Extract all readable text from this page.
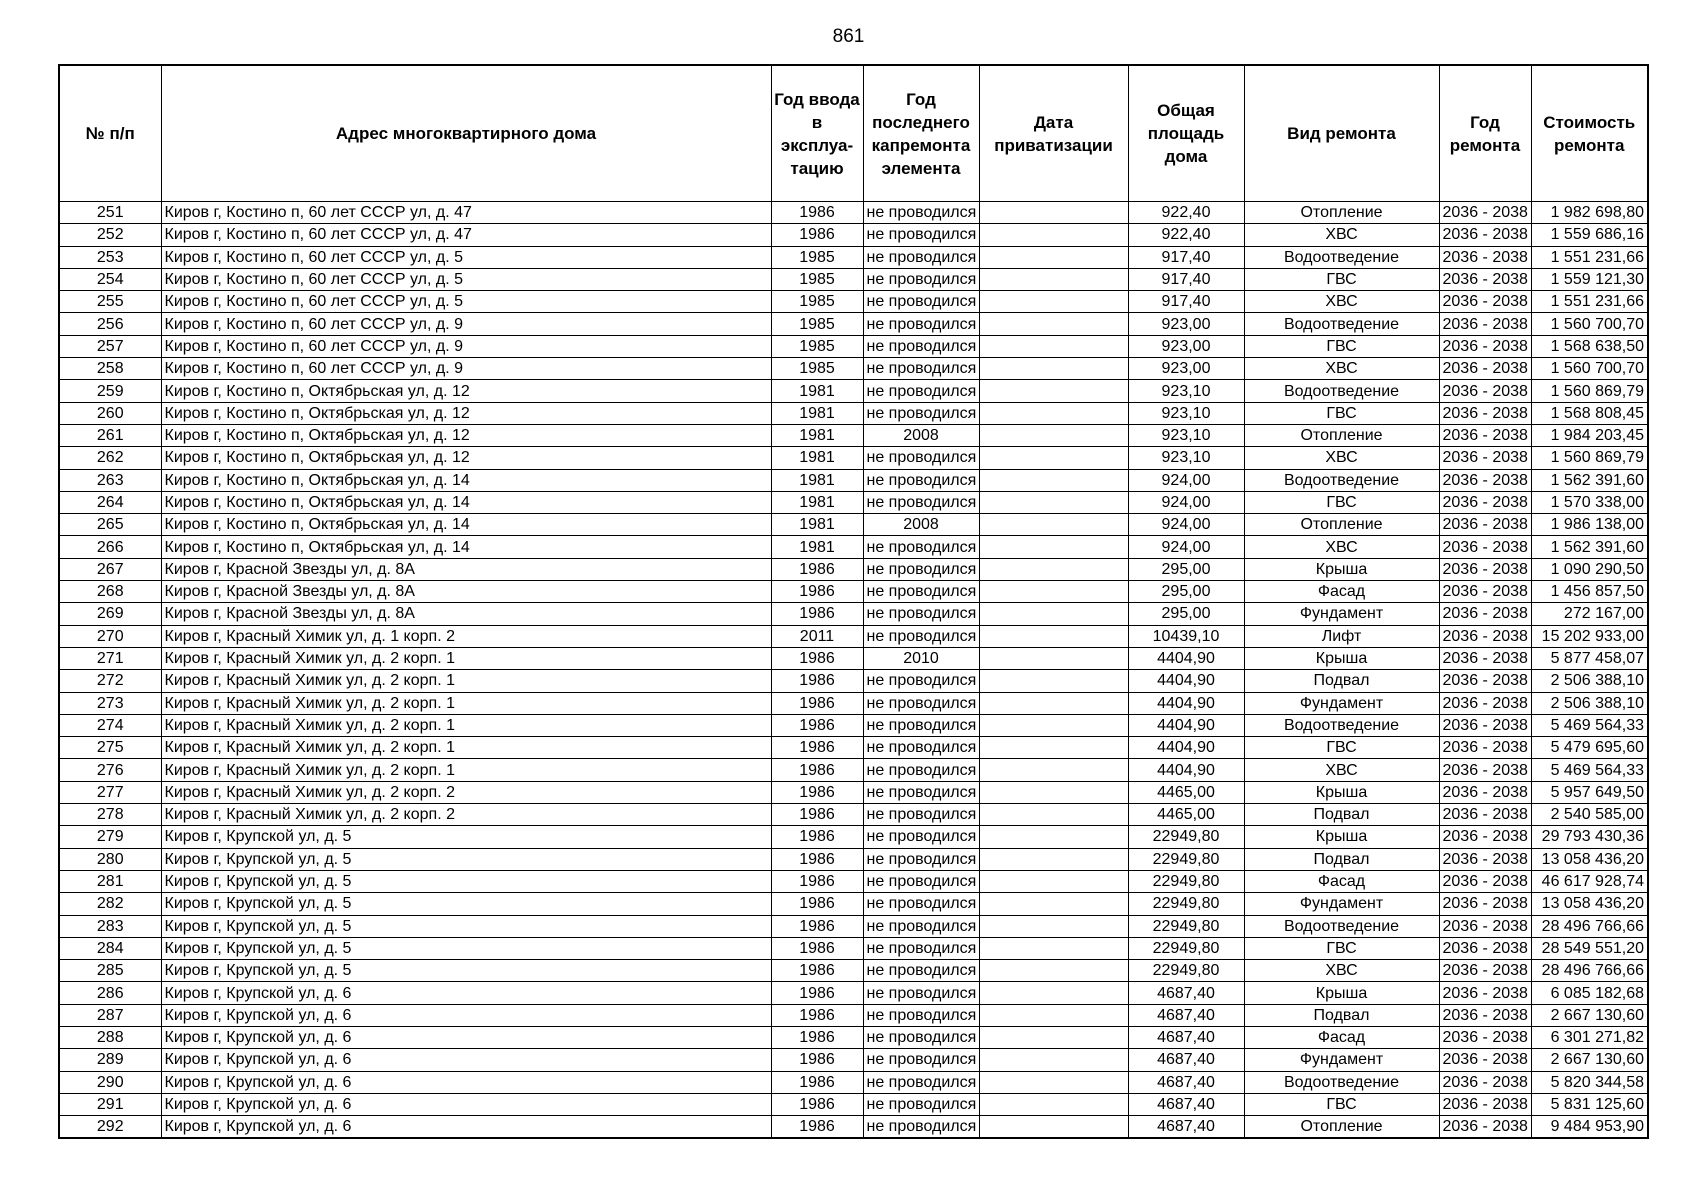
861
№ п/п	Адрес многоквартирного дома	Год ввода в эксплуа-тацию	Год последнего капремонта элемента	Дата приватизации	Общая площадь дома	Вид ремонта	Год ремонта	Стоимость ремонта
251	Киров г, Костино п, 60 лет СССР ул, д. 47	1986	не проводился		922,40	Отопление	2036 - 2038	1 982 698,80
252	Киров г, Костино п, 60 лет СССР ул, д. 47	1986	не проводился		922,40	ХВС	2036 - 2038	1 559 686,16
253	Киров г, Костино п, 60 лет СССР ул, д. 5	1985	не проводился		917,40	Водоотведение	2036 - 2038	1 551 231,66
254	Киров г, Костино п, 60 лет СССР ул, д. 5	1985	не проводился		917,40	ГВС	2036 - 2038	1 559 121,30
255	Киров г, Костино п, 60 лет СССР ул, д. 5	1985	не проводился		917,40	ХВС	2036 - 2038	1 551 231,66
256	Киров г, Костино п, 60 лет СССР ул, д. 9	1985	не проводился		923,00	Водоотведение	2036 - 2038	1 560 700,70
257	Киров г, Костино п, 60 лет СССР ул, д. 9	1985	не проводился		923,00	ГВС	2036 - 2038	1 568 638,50
258	Киров г, Костино п, 60 лет СССР ул, д. 9	1985	не проводился		923,00	ХВС	2036 - 2038	1 560 700,70
259	Киров г, Костино п, Октябрьская ул, д. 12	1981	не проводился		923,10	Водоотведение	2036 - 2038	1 560 869,79
260	Киров г, Костино п, Октябрьская ул, д. 12	1981	не проводился		923,10	ГВС	2036 - 2038	1 568 808,45
261	Киров г, Костино п, Октябрьская ул, д. 12	1981	2008		923,10	Отопление	2036 - 2038	1 984 203,45
262	Киров г, Костино п, Октябрьская ул, д. 12	1981	не проводился		923,10	ХВС	2036 - 2038	1 560 869,79
263	Киров г, Костино п, Октябрьская ул, д. 14	1981	не проводился		924,00	Водоотведение	2036 - 2038	1 562 391,60
264	Киров г, Костино п, Октябрьская ул, д. 14	1981	не проводился		924,00	ГВС	2036 - 2038	1 570 338,00
265	Киров г, Костино п, Октябрьская ул, д. 14	1981	2008		924,00	Отопление	2036 - 2038	1 986 138,00
266	Киров г, Костино п, Октябрьская ул, д. 14	1981	не проводился		924,00	ХВС	2036 - 2038	1 562 391,60
267	Киров г, Красной Звезды ул, д. 8А	1986	не проводился		295,00	Крыша	2036 - 2038	1 090 290,50
268	Киров г, Красной Звезды ул, д. 8А	1986	не проводился		295,00	Фасад	2036 - 2038	1 456 857,50
269	Киров г, Красной Звезды ул, д. 8А	1986	не проводился		295,00	Фундамент	2036 - 2038	272 167,00
270	Киров г, Красный Химик ул, д. 1 корп. 2	2011	не проводился		10439,10	Лифт	2036 - 2038	15 202 933,00
271	Киров г, Красный Химик ул, д. 2 корп. 1	1986	2010		4404,90	Крыша	2036 - 2038	5 877 458,07
272	Киров г, Красный Химик ул, д. 2 корп. 1	1986	не проводился		4404,90	Подвал	2036 - 2038	2 506 388,10
273	Киров г, Красный Химик ул, д. 2 корп. 1	1986	не проводился		4404,90	Фундамент	2036 - 2038	2 506 388,10
274	Киров г, Красный Химик ул, д. 2 корп. 1	1986	не проводился		4404,90	Водоотведение	2036 - 2038	5 469 564,33
275	Киров г, Красный Химик ул, д. 2 корп. 1	1986	не проводился		4404,90	ГВС	2036 - 2038	5 479 695,60
276	Киров г, Красный Химик ул, д. 2 корп. 1	1986	не проводился		4404,90	ХВС	2036 - 2038	5 469 564,33
277	Киров г, Красный Химик ул, д. 2 корп. 2	1986	не проводился		4465,00	Крыша	2036 - 2038	5 957 649,50
278	Киров г, Красный Химик ул, д. 2 корп. 2	1986	не проводился		4465,00	Подвал	2036 - 2038	2 540 585,00
279	Киров г, Крупской ул, д. 5	1986	не проводился		22949,80	Крыша	2036 - 2038	29 793 430,36
280	Киров г, Крупской ул, д. 5	1986	не проводился		22949,80	Подвал	2036 - 2038	13 058 436,20
281	Киров г, Крупской ул, д. 5	1986	не проводился		22949,80	Фасад	2036 - 2038	46 617 928,74
282	Киров г, Крупской ул, д. 5	1986	не проводился		22949,80	Фундамент	2036 - 2038	13 058 436,20
283	Киров г, Крупской ул, д. 5	1986	не проводился		22949,80	Водоотведение	2036 - 2038	28 496 766,66
284	Киров г, Крупской ул, д. 5	1986	не проводился		22949,80	ГВС	2036 - 2038	28 549 551,20
285	Киров г, Крупской ул, д. 5	1986	не проводился		22949,80	ХВС	2036 - 2038	28 496 766,66
286	Киров г, Крупской ул, д. 6	1986	не проводился		4687,40	Крыша	2036 - 2038	6 085 182,68
287	Киров г, Крупской ул, д. 6	1986	не проводился		4687,40	Подвал	2036 - 2038	2 667 130,60
288	Киров г, Крупской ул, д. 6	1986	не проводился		4687,40	Фасад	2036 - 2038	6 301 271,82
289	Киров г, Крупской ул, д. 6	1986	не проводился		4687,40	Фундамент	2036 - 2038	2 667 130,60
290	Киров г, Крупской ул, д. 6	1986	не проводился		4687,40	Водоотведение	2036 - 2038	5 820 344,58
291	Киров г, Крупской ул, д. 6	1986	не проводился		4687,40	ГВС	2036 - 2038	5 831 125,60
292	Киров г, Крупской ул, д. 6	1986	не проводился		4687,40	Отопление	2036 - 2038	9 484 953,90
